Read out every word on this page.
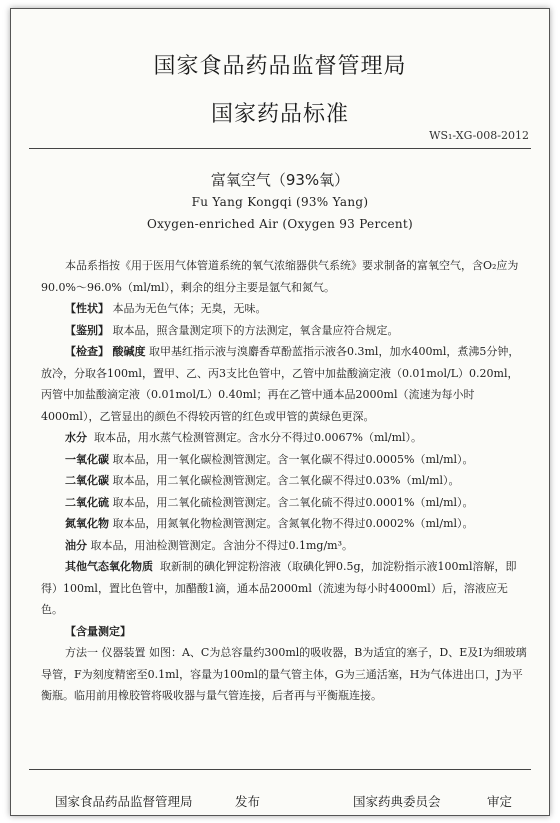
国家食品药品监督管理局
国家药品标准
WS₁-XG-008-2012
富氧空气（93%氧）
Fu Yang Kongqi (93% Yang)
Oxygen-enriched Air (Oxygen 93 Percent)

本品系指按《用于医用气体管道系统的氧气浓缩器供气系统》要求制备的富氧空气，含O₂应为90.0%～96.0%（ml/ml），剩余的组分主要是氩气和氮气。

【性状】 本品为无色气体；无臭，无味。

【鉴别】 取本品，照含量测定项下的方法测定，氧含量应符合规定。

【检查】 酸碱度 取甲基红指示液与溴麝香草酚蓝指示液各0.3ml，加水400ml，煮沸5分钟，放冷，分取各100ml，置甲、乙、丙3支比色管中，乙管中加盐酸滴定液（0.01mol/L）0.20ml，丙管中加盐酸滴定液（0.01mol/L）0.40ml；再在乙管中通本品2000ml（流速为每小时4000ml），乙管显出的颜色不得较丙管的红色或甲管的黄绿色更深。

水分 取本品，用水蒸气检测管测定。含水分不得过0.0067%（ml/ml）。

一氧化碳 取本品，用一氧化碳检测管测定。含一氧化碳不得过0.0005%（ml/ml）。

二氧化碳 取本品，用二氧化碳检测管测定。含二氧化碳不得过0.03%（ml/ml）。

二氧化硫 取本品，用二氧化硫检测管测定。含二氧化硫不得过0.0001%（ml/ml）。

氮氧化物 取本品，用氮氧化物检测管测定。含氮氧化物不得过0.0002%（ml/ml）。

油分 取本品，用油检测管测定。含油分不得过0.1mg/m³。

其他气态氧化物质 取新制的碘化钾淀粉溶液（取碘化钾0.5g，加淀粉指示液100ml溶解，即得）100ml，置比色管中，加醋酸1滴，通本品2000ml（流速为每小时4000ml）后，溶液应无色。

【含量测定】

方法一 仪器装置 如图：A、C为总容量约300ml的吸收器，B为适宜的塞子，D、E及I为细玻璃导管，F为刻度精密至0.1ml，容量为100ml的量气管主体，G为三通活塞，H为气体进出口，J为平衡瓶。临用前用橡胶管将吸收器与量气管连接，后者再与平衡瓶连接。

国家食品药品监督管理局	发布	国家药典委员会	审定
